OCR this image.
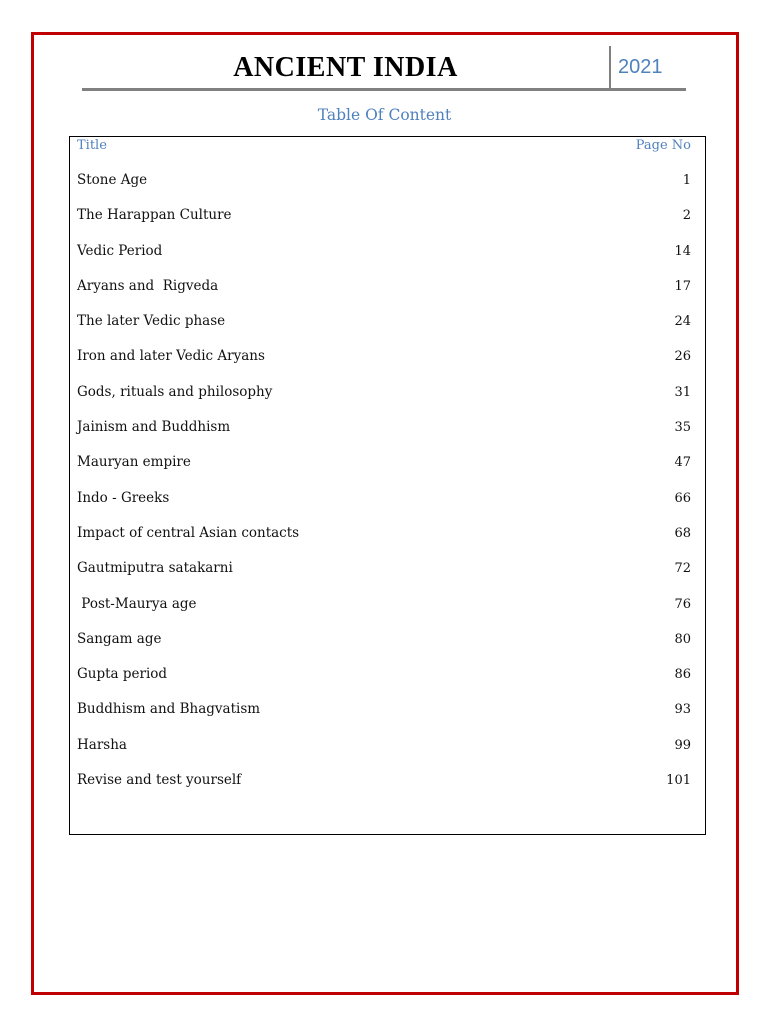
ANCIENT INDIA	2021
Table Of Content
Title	Page No
Stone Age	1
The Harappan Culture	2
Vedic Period	14
Aryans and  Rigveda	17
The later Vedic phase	24
Iron and later Vedic Aryans	26
Gods, rituals and philosophy	31
Jainism and Buddhism	35
Mauryan empire	47
Indo - Greeks	66
Impact of central Asian contacts	68
Gautmiputra satakarni	72
Post-Maurya age	76
Sangam age	80
Gupta period	86
Buddhism and Bhagvatism	93
Harsha	99
Revise and test yourself	101
